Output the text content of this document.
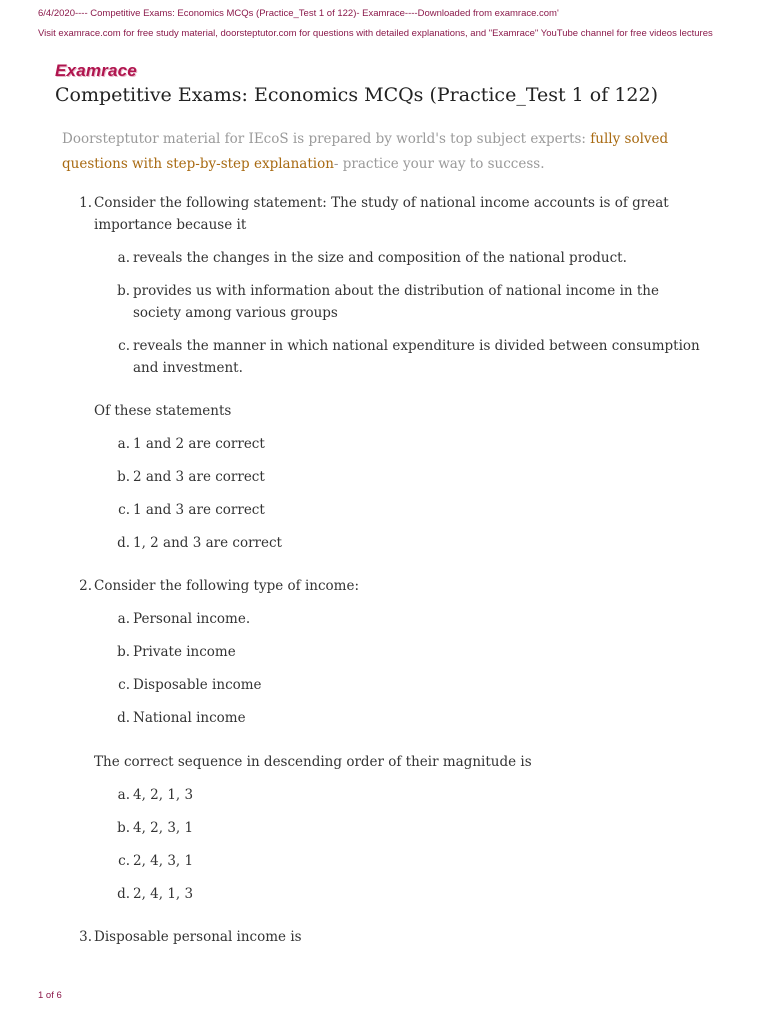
6/4/2020---- Competitive Exams: Economics MCQs (Practice_Test 1 of 122)- Examrace----Downloaded from examrace.com'
Visit examrace.com for free study material, doorsteptutor.com for questions with detailed explanations, and "Examrace" YouTube channel for free videos lectures
Examrace
Competitive Exams: Economics MCQs (Practice_Test 1 of 122)
Doorsteptutor material for IEcoS is prepared by world's top subject experts: fully solved questions with step-by-step explanation- practice your way to success.
1. Consider the following statement: The study of national income accounts is of great importance because it
a. reveals the changes in the size and composition of the national product.
b. provides us with information about the distribution of national income in the society among various groups
c. reveals the manner in which national expenditure is divided between consumption and investment.
Of these statements
a. 1 and 2 are correct
b. 2 and 3 are correct
c. 1 and 3 are correct
d. 1, 2 and 3 are correct
2. Consider the following type of income:
a. Personal income.
b. Private income
c. Disposable income
d. National income
The correct sequence in descending order of their magnitude is
a. 4, 2, 1, 3
b. 4, 2, 3, 1
c. 2, 4, 3, 1
d. 2, 4, 1, 3
3. Disposable personal income is
1 of 6
